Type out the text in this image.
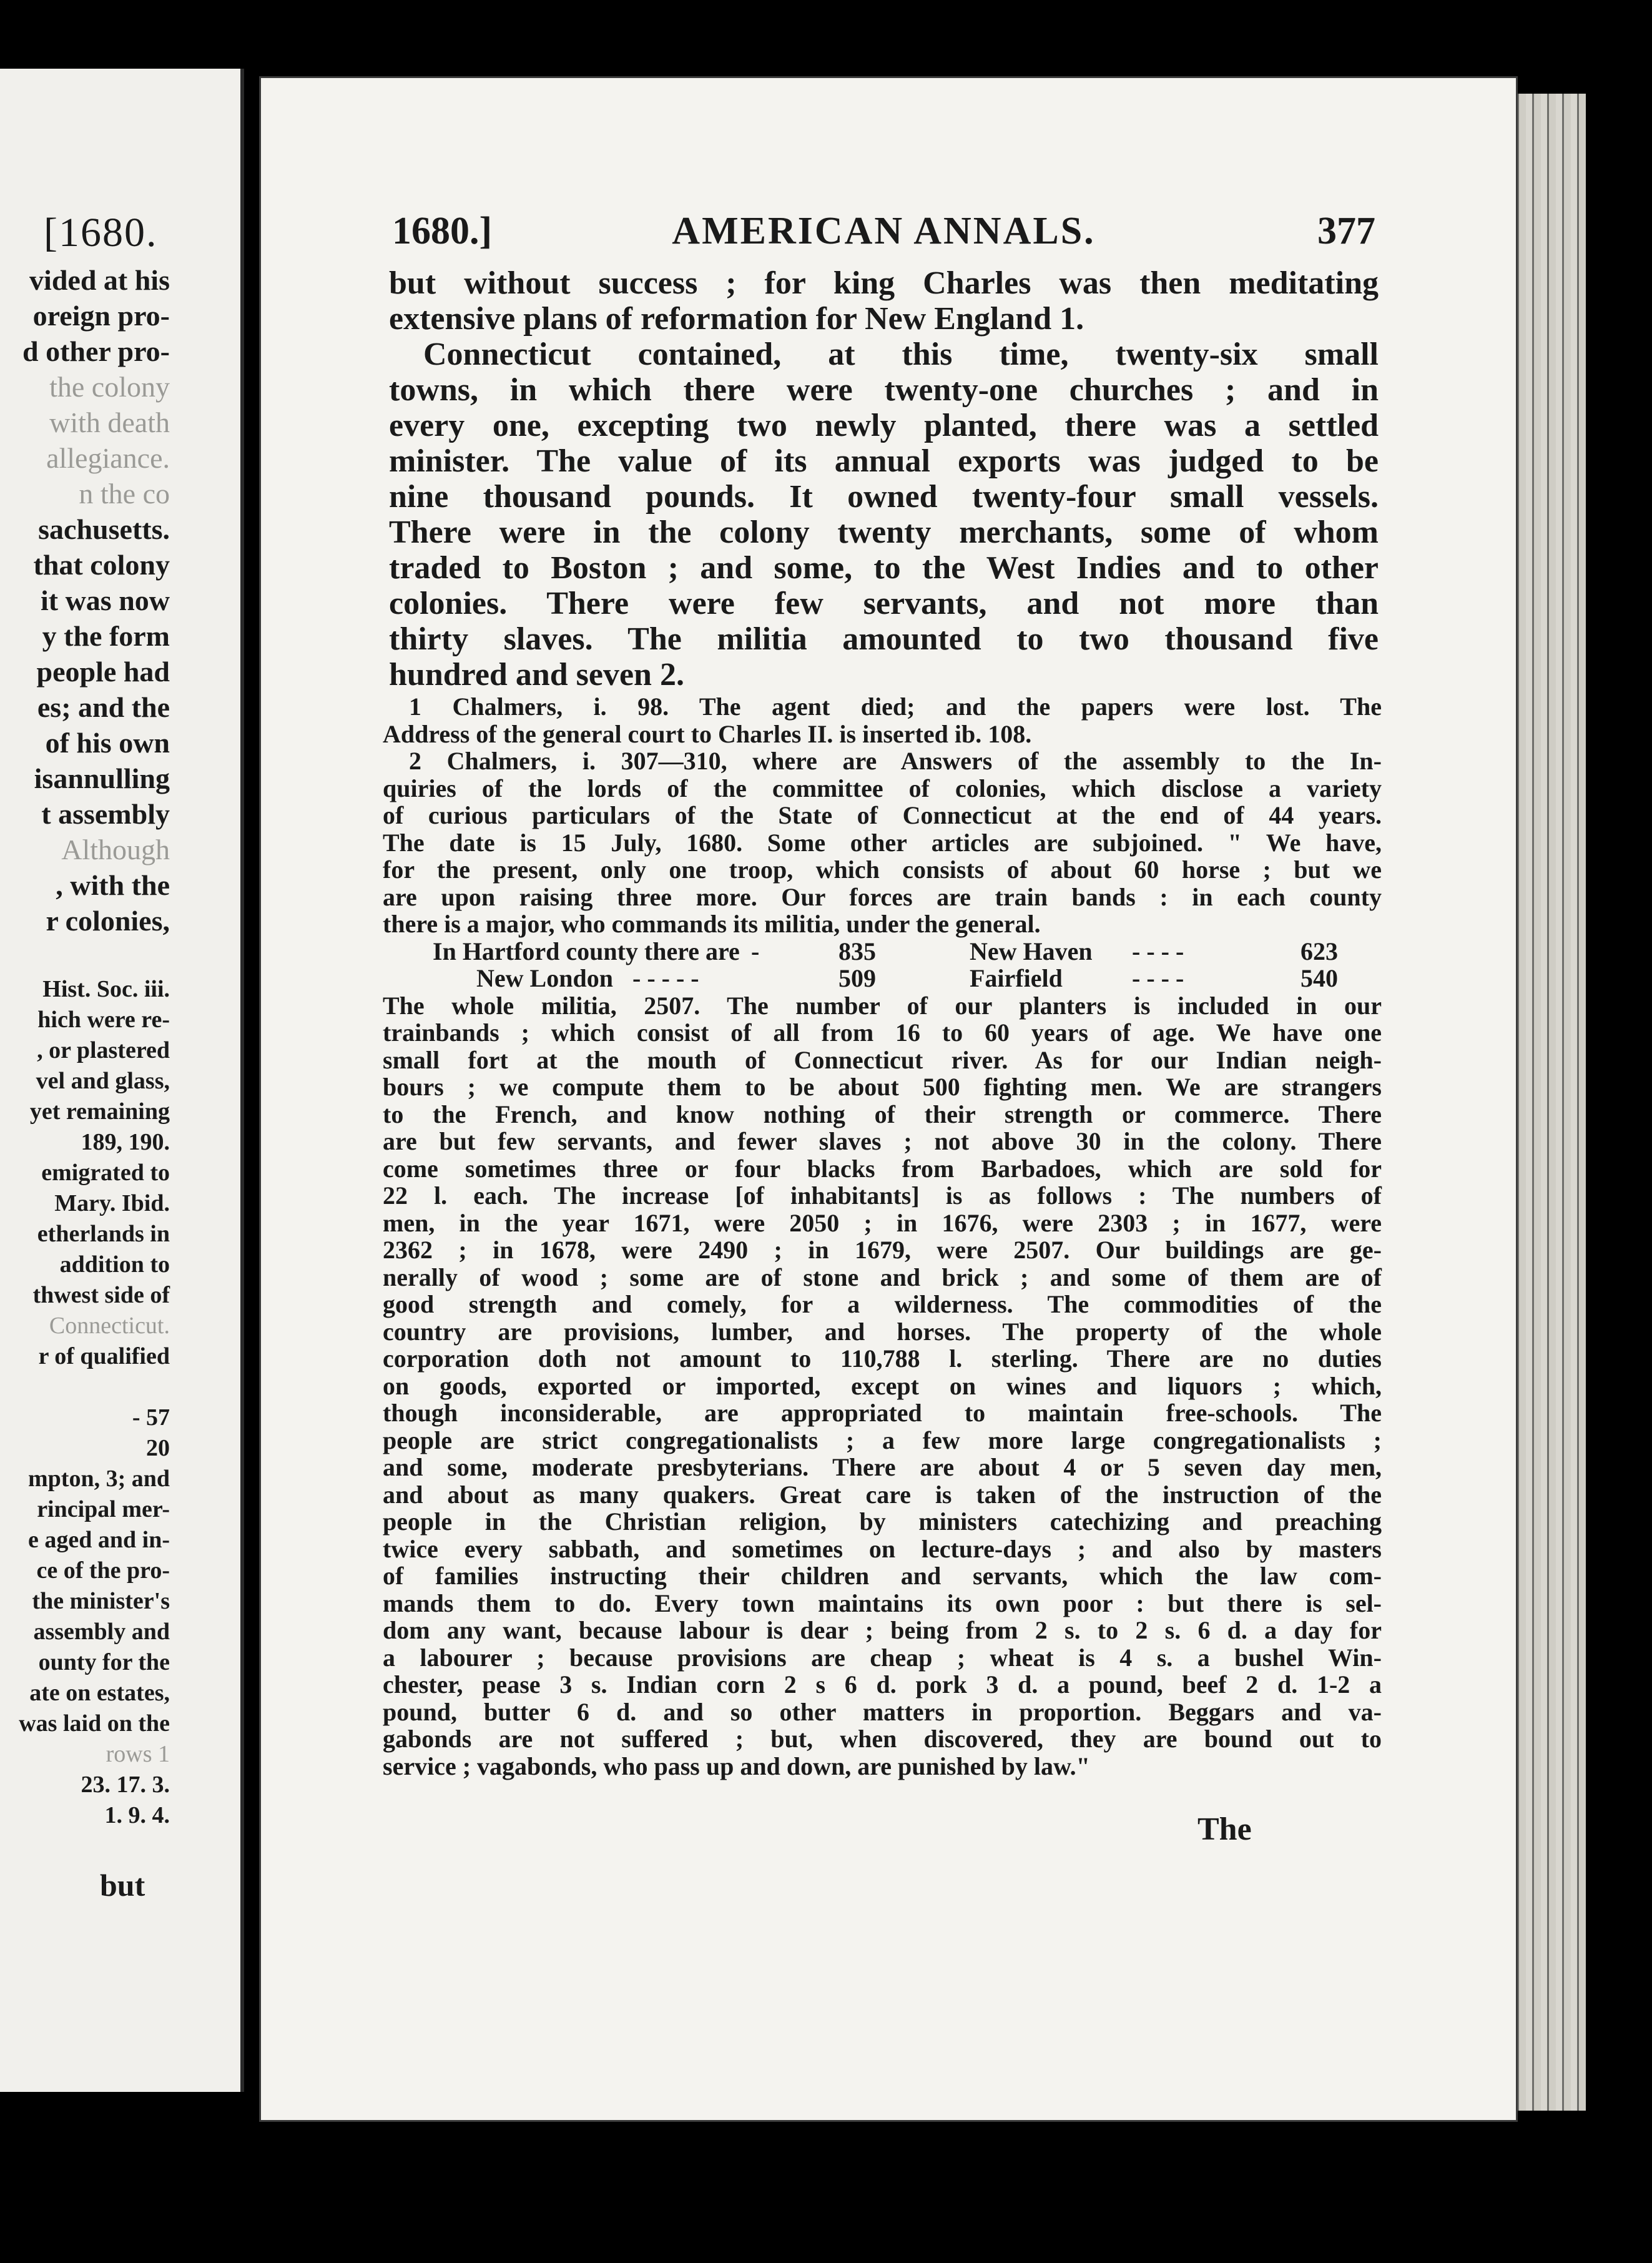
[1680.
vided at his
oreign pro-
d other pro-
the colony
with death
allegiance.
n the co
sachusetts.
that colony
it was now
y the form
people had
es; and the
of his own
isannulling
t assembly
Although
, with the
r colonies,

Hist. Soc. iii.
hich were re-
, or plastered
vel and glass,
yet remaining
189, 190.
emigrated to
Mary. Ibid.
etherlands in
addition to
thwest side of
Connecticut.
r of qualified

- 57
20
mpton, 3; and
rincipal mer-
e aged and in-
ce of the pro-
the minister's
assembly and
ounty for the
ate on estates,
was laid on the
rows 1
23. 17. 3.
1. 9. 4.
but
1680.]	AMERICAN ANNALS.	377
but without success ; for king Charles was then meditating
extensive plans of reformation for New England 1.
Connecticut contained, at this time, twenty-six small
towns, in which there were twenty-one churches ; and in
every one, excepting two newly planted, there was a settled
minister. The value of its annual exports was judged to be
nine thousand pounds. It owned twenty-four small vessels.
There were in the colony twenty merchants, some of whom
traded to Boston ; and some, to the West Indies and to other
colonies. There were few servants, and not more than
thirty slaves. The militia amounted to two thousand five
hundred and seven 2.
1 Chalmers, i. 98. The agent died; and the papers were lost. The
Address of the general court to Charles II. is inserted ib. 108.
2 Chalmers, i. 307—310, where are Answers of the assembly to the In-
quiries of the lords of the committee of colonies, which disclose a variety
of curious particulars of the State of Connecticut at the end of 44 years.
The date is 15 July, 1680. Some other articles are subjoined. " We have,
for the present, only one troop, which consists of about 60 horse ; but we
are upon raising three more. Our forces are train bands : in each county
there is a major, who commands its militia, under the general.
In Hartford county there are -	835	New Haven - - - -	623
New London - - - - -	509	Fairfield	- - - -	540
The whole militia, 2507. The number of our planters is included in our
trainbands ; which consist of all from 16 to 60 years of age. We have one
small fort at the mouth of Connecticut river. As for our Indian neigh-
bours ; we compute them to be about 500 fighting men. We are strangers
to the French, and know nothing of their strength or commerce. There
are but few servants, and fewer slaves ; not above 30 in the colony. There
come sometimes three or four blacks from Barbadoes, which are sold for
22 l. each. The increase [of inhabitants] is as follows : The numbers of
men, in the year 1671, were 2050 ; in 1676, were 2303 ; in 1677, were
2362 ; in 1678, were 2490 ; in 1679, were 2507. Our buildings are ge-
nerally of wood ; some are of stone and brick ; and some of them are of
good strength and comely, for a wilderness. The commodities of the
country are provisions, lumber, and horses. The property of the whole
corporation doth not amount to 110,788 l. sterling. There are no duties
on goods, exported or imported, except on wines and liquors ; which,
though inconsiderable, are appropriated to maintain free-schools. The
people are strict congregationalists ; a few more large congregationalists ;
and some, moderate presbyterians. There are about 4 or 5 seven day men,
and about as many quakers. Great care is taken of the instruction of the
people in the Christian religion, by ministers catechizing and preaching
twice every sabbath, and sometimes on lecture-days ; and also by masters
of families instructing their children and servants, which the law com-
mands them to do. Every town maintains its own poor : but there is sel-
dom any want, because labour is dear ; being from 2 s. to 2 s. 6 d. a day for
a labourer ; because provisions are cheap ; wheat is 4 s. a bushel Win-
chester, pease 3 s. Indian corn 2 s 6 d. pork 3 d. a pound, beef 2 d. 1-2 a
pound, butter 6 d. and so other matters in proportion. Beggars and va-
gabonds are not suffered ; but, when discovered, they are bound out to
service ; vagabonds, who pass up and down, are punished by law."
The
